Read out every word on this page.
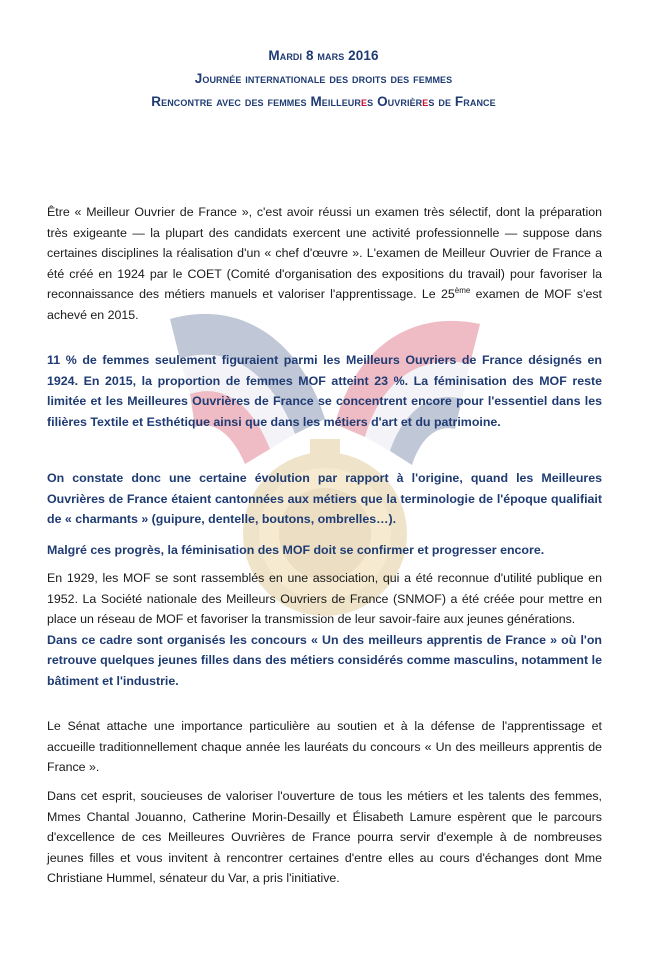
Mardi 8 mars 2016
Journée internationale des droits des femmes
Rencontre avec des femmes Meilleures Ouvrières de France

Être « Meilleur Ouvrier de France », c'est avoir réussi un examen très sélectif, dont la préparation très exigeante — la plupart des candidats exercent une activité professionnelle — suppose dans certaines disciplines la réalisation d'un « chef d'œuvre ». L'examen de Meilleur Ouvrier de France a été créé en 1924 par le COET (Comité d'organisation des expositions du travail) pour favoriser la reconnaissance des métiers manuels et valoriser l'apprentissage. Le 25ème examen de MOF s'est achevé en 2015.

11 % de femmes seulement figuraient parmi les Meilleurs Ouvriers de France désignés en 1924. En 2015, la proportion de femmes MOF atteint 23 %. La féminisation des MOF reste limitée et les Meilleures Ouvrières de France se concentrent encore pour l'essentiel dans les filières Textile et Esthétique ainsi que dans les métiers d'art et du patrimoine.

On constate donc une certaine évolution par rapport à l'origine, quand les Meilleures Ouvrières de France étaient cantonnées aux métiers que la terminologie de l'époque qualifiait de « charmants » (guipure, dentelle, boutons, ombrelles…).

Malgré ces progrès, la féminisation des MOF doit se confirmer et progresser encore.

En 1929, les MOF se sont rassemblés en une association, qui a été reconnue d'utilité publique en 1952. La Société nationale des Meilleurs Ouvriers de France (SNMOF) a été créée pour mettre en place un réseau de MOF et favoriser la transmission de leur savoir-faire aux jeunes générations.

Dans ce cadre sont organisés les concours « Un des meilleurs apprentis de France » où l'on retrouve quelques jeunes filles dans des métiers considérés comme masculins, notamment le bâtiment et l'industrie.

Le Sénat attache une importance particulière au soutien et à la défense de l'apprentissage et accueille traditionnellement chaque année les lauréats du concours « Un des meilleurs apprentis de France ».

Dans cet esprit, soucieuses de valoriser l'ouverture de tous les métiers et les talents des femmes, Mmes Chantal Jouanno, Catherine Morin-Desailly et Élisabeth Lamure espèrent que le parcours d'excellence de ces Meilleures Ouvrières de France pourra servir d'exemple à de nombreuses jeunes filles et vous invitent à rencontrer certaines d'entre elles au cours d'échanges dont Mme Christiane Hummel, sénateur du Var, a pris l'initiative.
